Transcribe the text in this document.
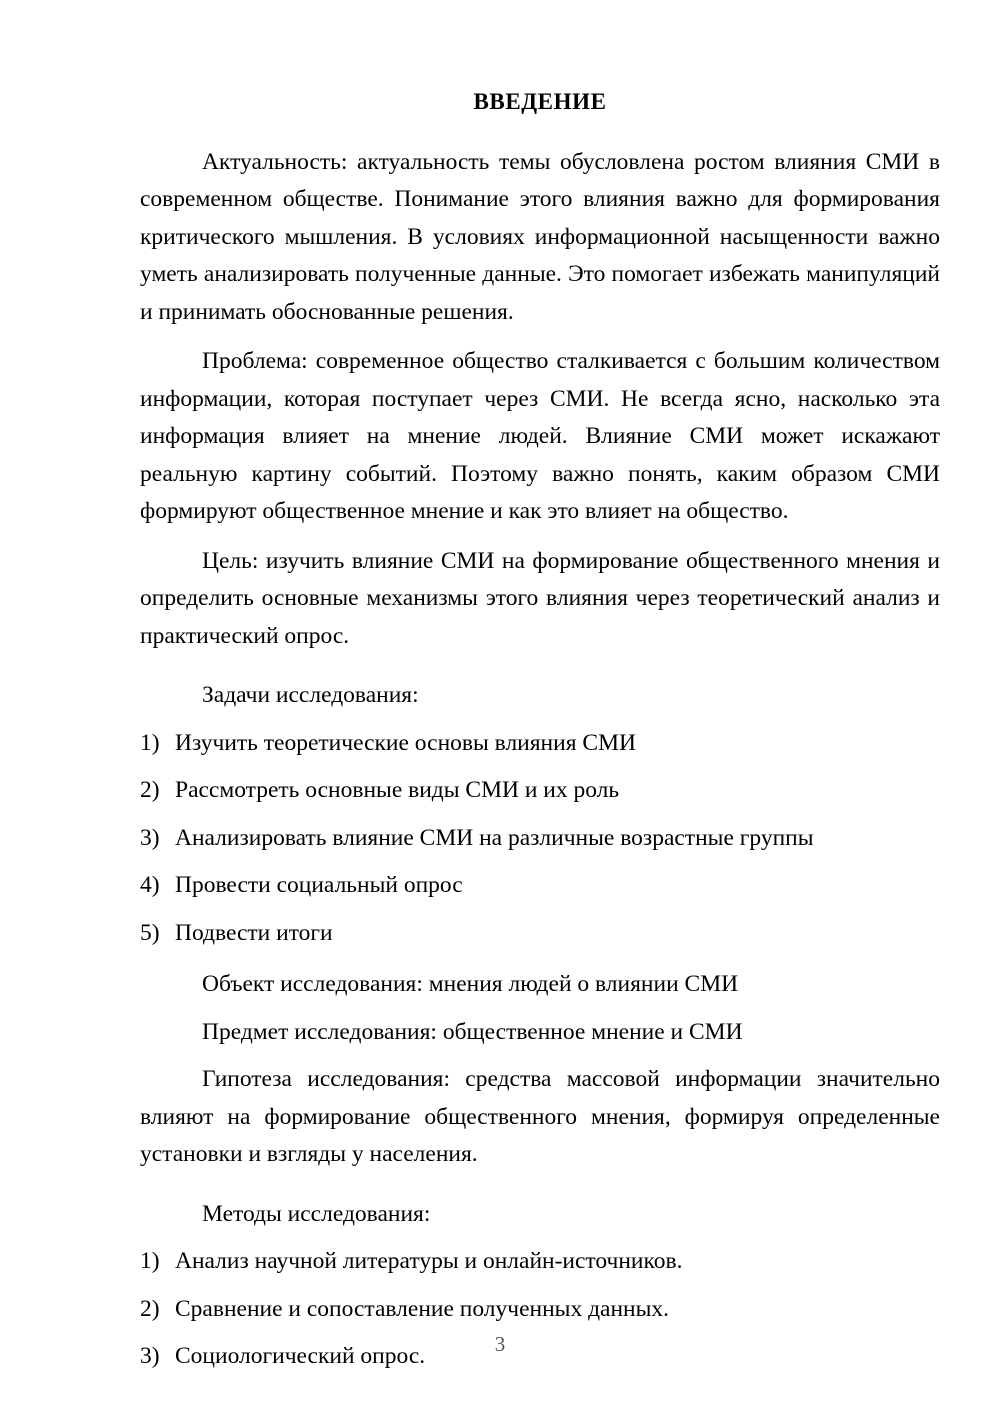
ВВЕДЕНИЕ

Актуальность: актуальность темы обусловлена ростом влияния СМИ в современном обществе. Понимание этого влияния важно для формирования критического мышления. В условиях информационной насыщенности важно уметь анализировать полученные данные. Это помогает избежать манипуляций и принимать обоснованные решения.

Проблема: современное общество сталкивается с большим количеством информации, которая поступает через СМИ. Не всегда ясно, насколько эта информация влияет на мнение людей. Влияние СМИ может искажают реальную картину событий. Поэтому важно понять, каким образом СМИ формируют общественное мнение и как это влияет на общество.

Цель: изучить влияние СМИ на формирование общественного мнения и определить основные механизмы этого влияния через теоретический анализ и практический опрос.

Задачи исследования:

1) Изучить теоретические основы влияния СМИ
2) Рассмотреть основные виды СМИ и их роль
3) Анализировать влияние СМИ на различные возрастные группы
4) Провести социальный опрос
5) Подвести итоги

Объект исследования: мнения людей о влиянии СМИ

Предмет исследования: общественное мнение и СМИ

Гипотеза исследования: средства массовой информации значительно влияют на формирование общественного мнения, формируя определенные установки и взгляды у населения.

Методы исследования:

1) Анализ научной литературы и онлайн-источников.
2) Сравнение и сопоставление полученных данных.
3) Социологический опрос.	3
